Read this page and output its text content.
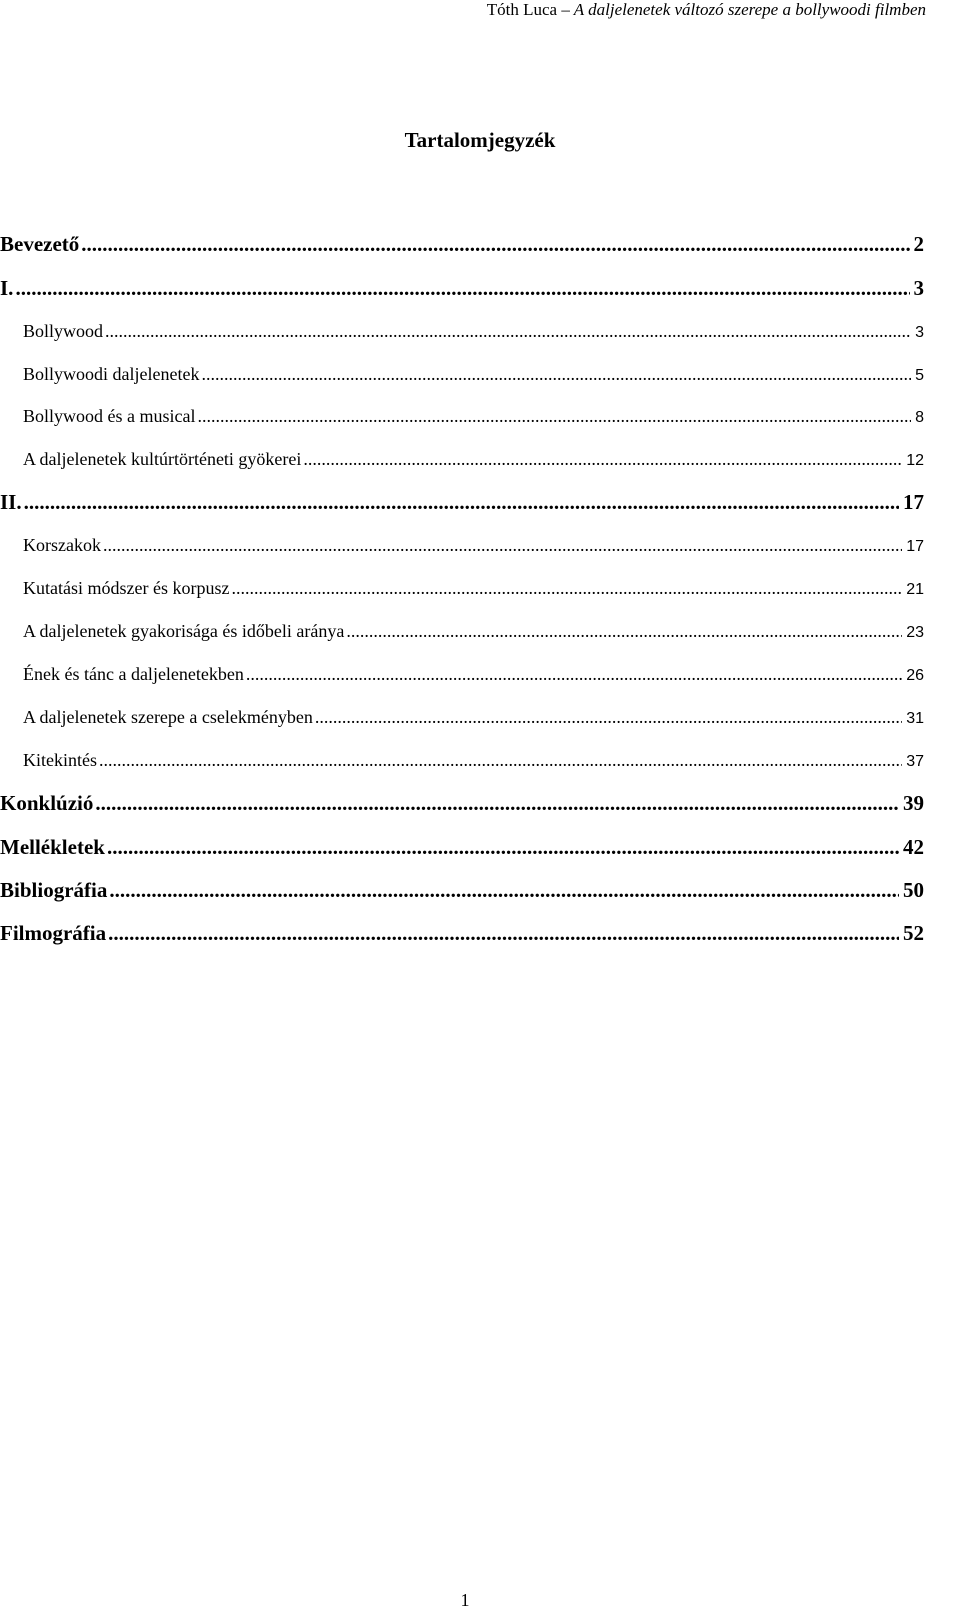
Tóth Luca – A daljelenetek változó szerepe a bollywoodi filmben
Tartalomjegyzék
Bevezető .....	2
I. .....	3
Bollywood .....	3
Bollywoodi daljelenetek .....	5
Bollywood és a musical .....	8
A daljelenetek kultúrtörténeti gyökerei .....	12
II. .....	17
Korszakok .....	17
Kutatási módszer és korpusz .....	21
A daljelenetek gyakorisága és időbeli aránya .....	23
Ének és tánc a daljelenetekben .....	26
A daljelenetek szerepe a cselekményben .....	31
Kitekintés .....	37
Konklúzió .....	39
Mellékletek .....	42
Bibliográfia .....	50
Filmográfia .....	52
1
